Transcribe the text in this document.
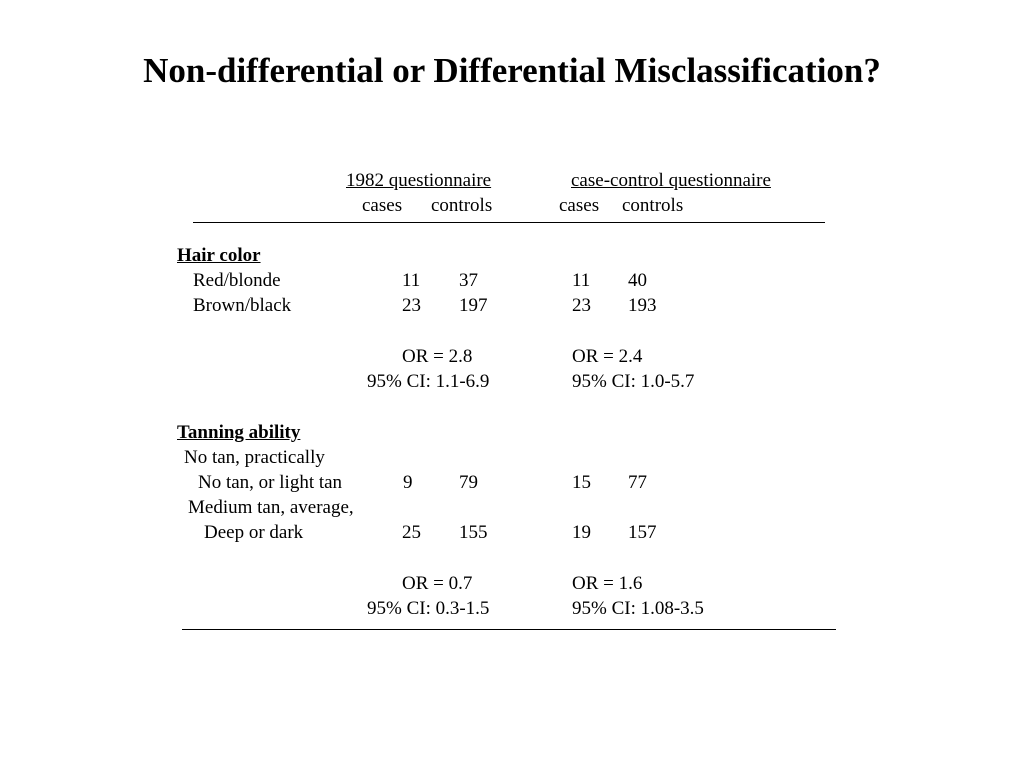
Non-differential or Differential Misclassification?
1982 questionnaire	case-control questionnaire
cases controls	cases controls
Hair color
Red/blonde	11 37	11 40
Brown/black	23 197	23 193
OR = 2.8	OR = 2.4
95% CI: 1.1-6.9	95% CI: 1.0-5.7
Tanning ability
No tan, practically
No tan, or light tan	9 79	15 77
Medium tan, average,
Deep or dark	25 155	19 157
OR = 0.7	OR = 1.6
95% CI: 0.3-1.5	95% CI: 1.08-3.5
